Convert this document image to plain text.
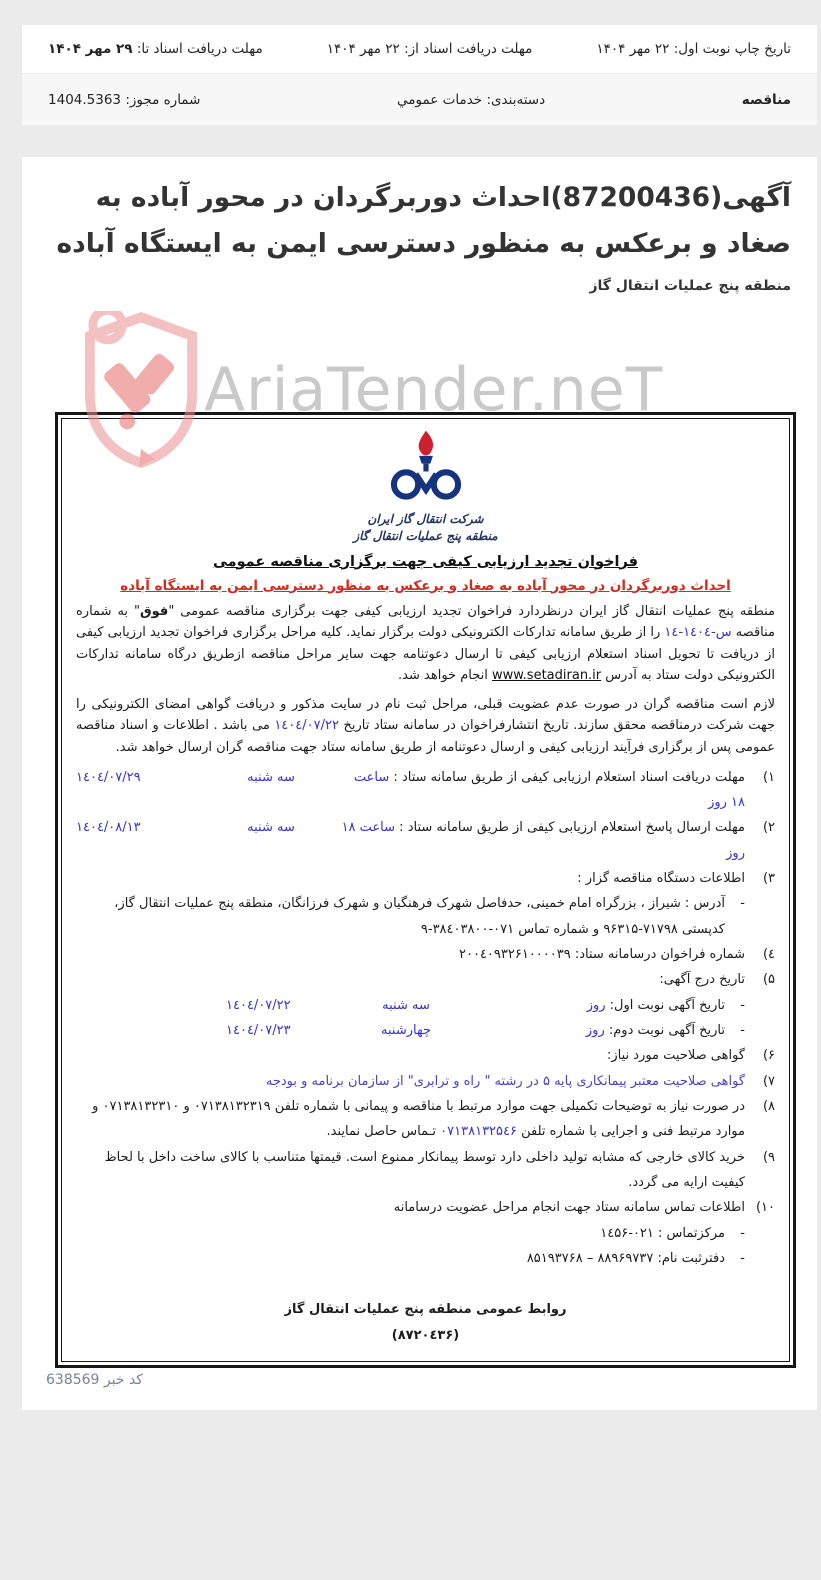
تاریخ چاپ نوبت اول: ۲۲ مهر ۱۴۰۴
مهلت دریافت اسناد از: ۲۲ مهر ۱۴۰۴
مهلت دریافت اسناد تا: ۲۹ مهر ۱۴۰۴
مناقصه
دسته‌بندی: خدمات عمومي
شماره مجوز: 1404.5363
آگهی(87200436)احداث دوربرگردان در محور آباده به صغاد و برعکس به منظور دسترسی ایمن به ایستگاه آباده
منطقه پنج عملیات انتقال گاز
AriaTender.neT
شرکت انتقال گاز ایران
منطقه پنج عملیات انتقال گاز
فراخوان تجدید ارزیابی کیفی جهت برگزاری مناقصه عمومی
احداث دوربرگردان در محور آباده به صغاد و برعکس به منظور دسترسی ایمن به ایستگاه آباده

منطقه پنج عملیات انتقال گاز ایران درنظردارد فراخوان تجدید ارزیابی کیفی جهت برگزاری مناقصه عمومی "فوق" به شماره مناقصه س-۱٤۰٤-۱٤ را از طریق سامانه تدارکات الکترونیکی دولت برگزار نماید. کلیه مراحل برگزاری فراخوان تجدید ارزیابی کیفی از دریافت تا تحویل اسناد استعلام ارزیابی کیفی تا ارسال دعوتنامه جهت سایر مراحل مناقصه ازطریق درگاه سامانه تدارکات الکترونیکی دولت ستاد به آدرس www.setadiran.ir انجام خواهد شد.

لازم است مناقصه گران در صورت عدم عضویت قبلی، مراحل ثبت نام در سایت مذکور و دریافت گواهی امضای الکترونیکی را جهت شرکت درمناقصه محقق سازند. تاریخ انتشارفراخوان در سامانه ستاد تاریخ ١٤٠٤/٠٧/٢٢ می باشد . اطلاعات و اسناد مناقصه عمومی پس از برگزاری فرآیند ارزیابی کیفی و ارسال دعوتنامه از طریق سامانه ستاد جهت مناقصه گران ارسال خواهد شد.

۱)
مهلت دریافت اسناد استعلام ارزیابی کیفی از طریق سامانه ستاد : ساعت ۱۸ روز
سه شنبه
١٤٠٤/٠٧/٢٩
۲)
مهلت ارسال پاسخ استعلام ارزیابی کیفی از طریق سامانه ستاد : ساعت ۱۸ روز
سه شنبه
١٤٠٤/٠٨/١٣
۳)
اطلاعات دستگاه مناقصه گزار :
-
آدرس : شیراز ، بزرگراه امام خمینی، حدفاصل شهرک فرهنگیان و شهرک فرزانگان، منطقه پنج عملیات انتقال گاز، کدپستی ۷۱۷۹۸-۹۶۳۱۵ و شماره تماس ۰۷۱-۳۸٤۰۳۸۰۰-۹
٤)
شماره فراخوان درسامانه ستاد: ۲۰۰٤۰۹۳۲۶۱۰۰۰۰۳۹
۵)
تاریخ درج آگهی:
-
تاریخ آگهی نوبت اول: روز
سه شنبه
١٤٠٤/٠٧/٢٢
-
تاریخ آگهی نوبت دوم: روز
چهارشنبه
١٤٠٤/٠٧/٢٣
۶)
گواهی صلاحیت مورد نیاز:
۷)
گواهی صلاحیت معتبر پیمانکاری پایه ۵ در رشته " راه و ترابری" از سازمان برنامه و بودجه
۸)
در صورت نیاز به توضیحات تکمیلی جهت موارد مرتبط با مناقصه و پیمانی با شماره تلفن ۰۷۱۳۸۱۳۲۳۱۹ و ۰۷۱۳۸۱۳۲۳۱۰ و موارد مرتبط فنی و اجرایی با شماره تلفن ۰۷۱۳۸۱۳۲۵٤۶ تـماس حاصل نمایند.
۹)
خرید کالای خارجی که مشابه تولید داخلی دارد توسط پیمانکار ممنوع است. قیمتها متناسب با کالای ساخت داخل با لحاظ کیفیت ارایه می گردد.
۱۰)
اطلاعات تماس سامانه ستاد جهت انجام مراحل عضویت درسامانه
-
مرکزتماس : ۰۲۱-۱٤۵۶
-
دفترثبت نام: ۸۸۹۶۹۷۳۷ – ۸۵۱۹۳۷۶۸
روابط عمومی منطقه پنج عملیات انتقال گاز
(۸۷۲۰٤۳۶)
کد خبر 638569
